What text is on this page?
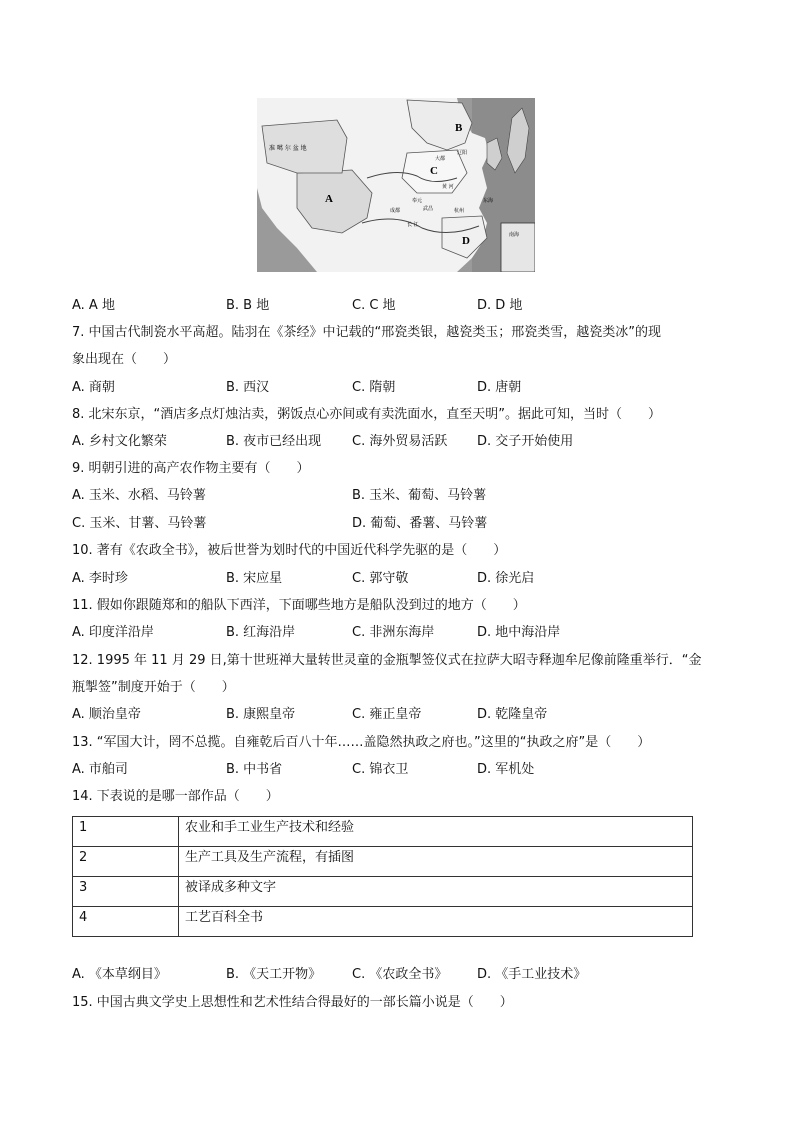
B
A
C
D
准 噶 尔 盆 地
辽阳
大都
黄 河
奉元
成都	武昌	杭州
长 江
东海
南海
A. A 地	B. B 地	C. C 地	D. D 地
7. 中国古代制瓷水平高超。陆羽在《茶经》中记载的“邢瓷类银，越瓷类玉；邢瓷类雪，越瓷类冰”的现
象出现在（　　）
A. 商朝	B. 西汉	C. 隋朝	D. 唐朝
8. 北宋东京，“酒店多点灯烛沽卖，粥饭点心亦间或有卖洗面水，直至天明”。据此可知，当时（　　）
A. 乡村文化繁荣	B. 夜市已经出现 C. 海外贸易活跃 D. 交子开始使用
9. 明朝引进的高产农作物主要有（　　）
A. 玉米、水稻、马铃薯	B. 玉米、葡萄、马铃薯
C. 玉米、甘薯、马铃薯	D. 葡萄、番薯、马铃薯
10. 著有《农政全书》，被后世誉为划时代的中国近代科学先驱的是（　　）
A. 李时珍	B. 宋应星	C. 郭守敬	D. 徐光启
11. 假如你跟随郑和的船队下西洋，下面哪些地方是船队没到过的地方（　　）
A. 印度洋沿岸	B. 红海沿岸	C. 非洲东海岸	D. 地中海沿岸
12. 1995 年 11 月 29 日,第十世班禅大量转世灵童的金瓶掣签仪式在拉萨大昭寺释迦牟尼像前隆重举行．“金
瓶掣签”制度开始于（　　）
A. 顺治皇帝	B. 康熙皇帝	C. 雍正皇帝	D. 乾隆皇帝
13. “军国大计，罔不总揽。自雍乾后百八十年……盖隐然执政之府也。”这里的“执政之府”是（　　）
A. 市舶司	B. 中书省	C. 锦衣卫	D. 军机处
14. 下表说的是哪一部作品（　　）
1	农业和手工业生产技术和经验
2	生产工具及生产流程，有插图
3	被译成多种文字
4	工艺百科全书
A. 《本草纲目》	B. 《天工开物》 C. 《农政全书》 D. 《手工业技术》
15. 中国古典文学史上思想性和艺术性结合得最好的一部长篇小说是（　　）
